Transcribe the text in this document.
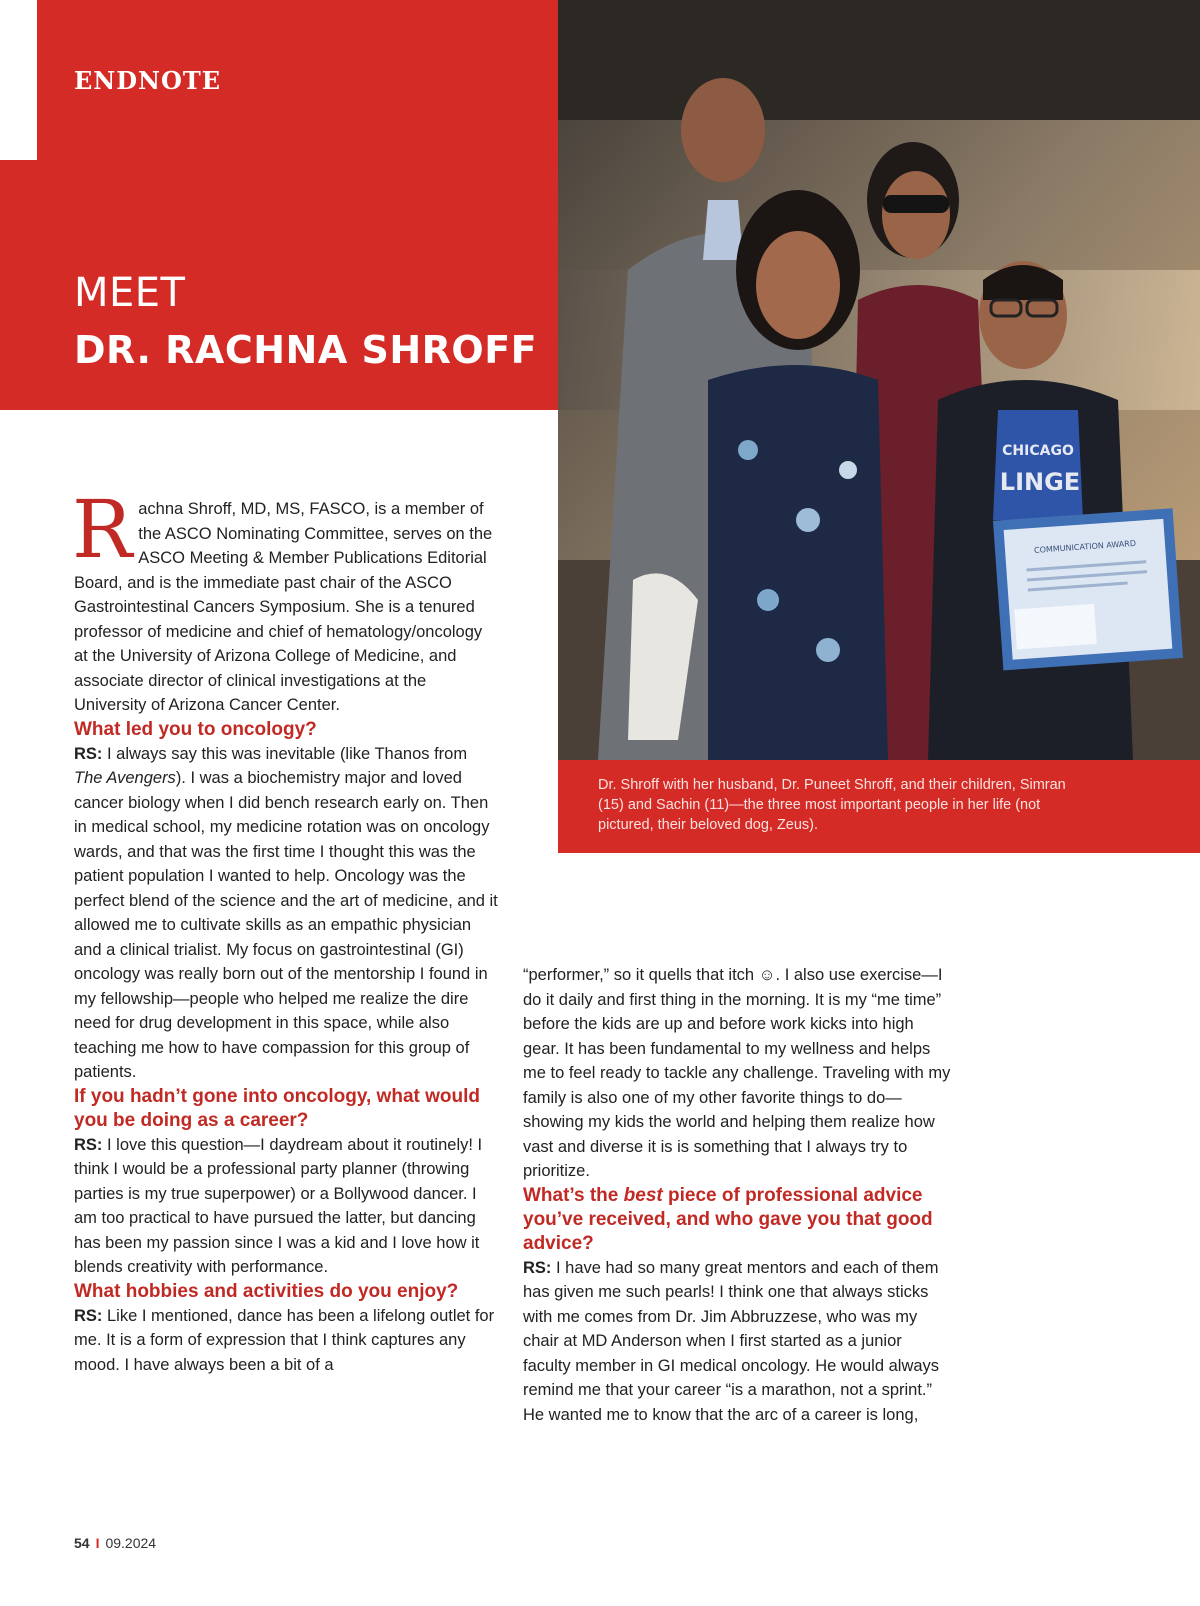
ENDNOTE
MEET
DR. RACHNA SHROFF
CHICAGO
LINGE
COMMUNICATION AWARD

Dr. Shroff with her husband, Dr. Puneet Shroff, and their children, Simran (15) and Sachin (11)—the three most important people in her life (not pictured, their beloved dog, Zeus).

Rachna Shroff, MD, MS, FASCO, is a member of the ASCO Nominating Committee, serves on the ASCO Meeting & Member Publications Editorial Board, and is the immediate past chair of the ASCO Gastrointestinal Cancers Symposium. She is a tenured professor of medicine and chief of hematology/oncology at the University of Arizona College of Medicine, and associate director of clinical investigations at the University of Arizona Cancer Center.

What led you to oncology?

RS: I always say this was inevitable (like Thanos from The Avengers). I was a biochemistry major and loved cancer biology when I did bench research early on. Then in medical school, my medicine rotation was on oncology wards, and that was the first time I thought this was the patient population I wanted to help. Oncology was the perfect blend of the science and the art of medicine, and it allowed me to cultivate skills as an empathic physician and a clinical trialist. My focus on gastrointestinal (GI) oncology was really born out of the mentorship I found in my fellowship—people who helped me realize the dire need for drug development in this space, while also teaching me how to have compassion for this group of patients.

If you hadn’t gone into oncology, what would you be doing as a career?

RS: I love this question—I daydream about it routinely! I think I would be a professional party planner (throwing parties is my true superpower) or a Bollywood dancer. I am too practical to have pursued the latter, but dancing has been my passion since I was a kid and I love how it blends creativity with performance.

What hobbies and activities do you enjoy?

RS: Like I mentioned, dance has been a lifelong outlet for me. It is a form of expression that I think captures any mood. I have always been a bit of a

“performer,” so it quells that itch ☺. I also use exercise—I do it daily and first thing in the morning. It is my “me time” before the kids are up and before work kicks into high gear. It has been fundamental to my wellness and helps me to feel ready to tackle any challenge. Traveling with my family is also one of my other favorite things to do—showing my kids the world and helping them realize how vast and diverse it is is something that I always try to prioritize.

What’s the best piece of professional advice you’ve received, and who gave you that good advice?

RS: I have had so many great mentors and each of them has given me such pearls! I think one that always sticks with me comes from Dr. Jim Abbruzzese, who was my chair at MD Anderson when I first started as a junior faculty member in GI medical oncology. He would always remind me that your career “is a marathon, not a sprint.” He wanted me to know that the arc of a career is long,

54 I 09.2024
